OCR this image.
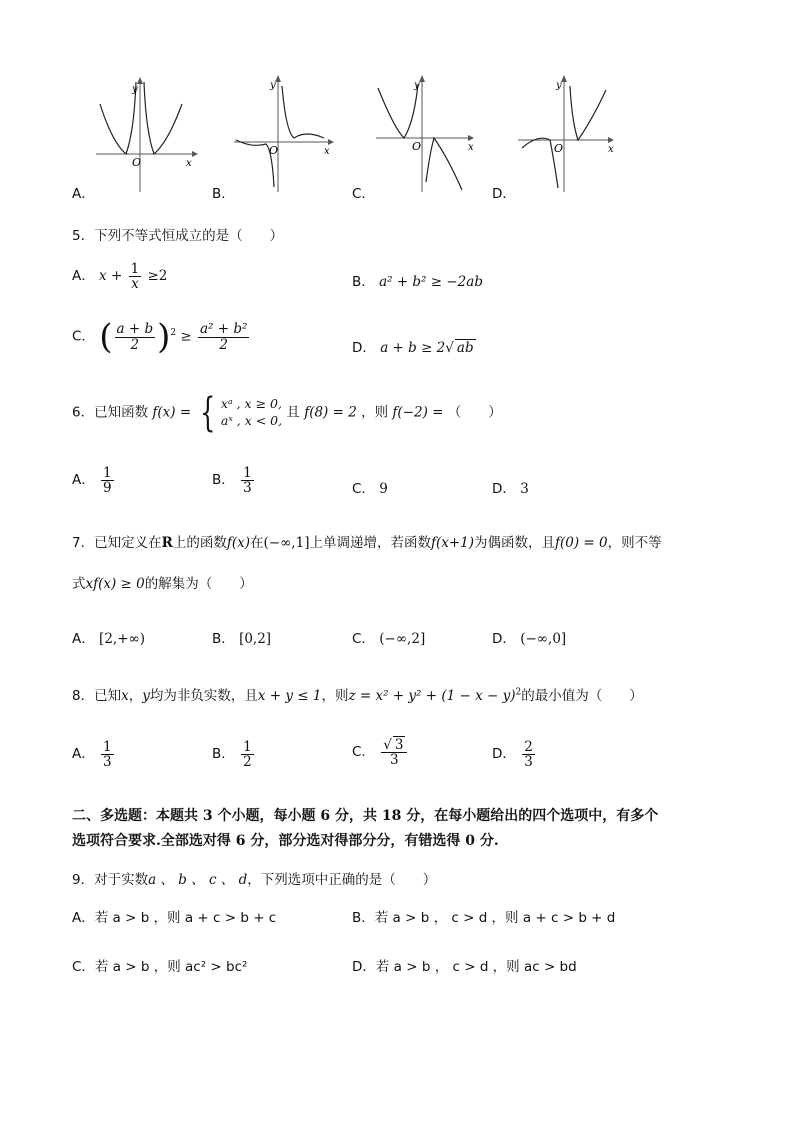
O	x
y
A．
O	x
y
B．
O	x
y
C．
O	x
y
D．
5．下列不等式恒成立的是（　　）
A． $x + \frac{1}{x} \ge 2$	B． a² + b² ≥ −2ab
C． ( $\frac{a + b}{2} )^2 \ge \frac{\text{a² + b²}}{2}$	D． a + b ≥ 2√ ab
6．已知函数 f(x) = { xᵃ , x ≥ 0,
aˣ , x < 0, 且 f(8) = 2 ，则 f(−2) = （　　）
A． $\frac{1}{9}$	B． $\frac{1}{3}$	C． 9	D． 3
7．已知定义在R上的函数f(x)在(−∞,1]上单调递增，若函数f(x+1)为偶函数，且f(0) = 0，则不等
式xf(x) ≥ 0的解集为（　　）
A． [2,+∞)	B． [0,2]	C． (−∞,2]	D． (−∞,0]
8．已知x，y均为非负实数，且x + y ≤ 1，则$z = x^2 + y^2 + (1 - x - y)^2$的最小值为（　　）
A． $\frac{1}{3}$	B． $\frac{1}{2}$	C． $\frac{√ 3}{3}$	D． $\frac{2}{3}$
二、多选题：本题共 3 个小题，每小题 6 分，共 18 分，在每小题给出的四个选项中，有多个
选项符合要求.全部选对得 6 分，部分选对得部分分，有错选得 0 分.
9．对于实数a 、 b 、 c 、 d，下列选项中正确的是（　　）
A．若 a > b ，则 a + c > b + c	B．若 a > b ， c > d ，则 a + c > b + d
C．若 a > b ，则 ac² > bc²	D．若 a > b ， c > d ，则 ac > bd
